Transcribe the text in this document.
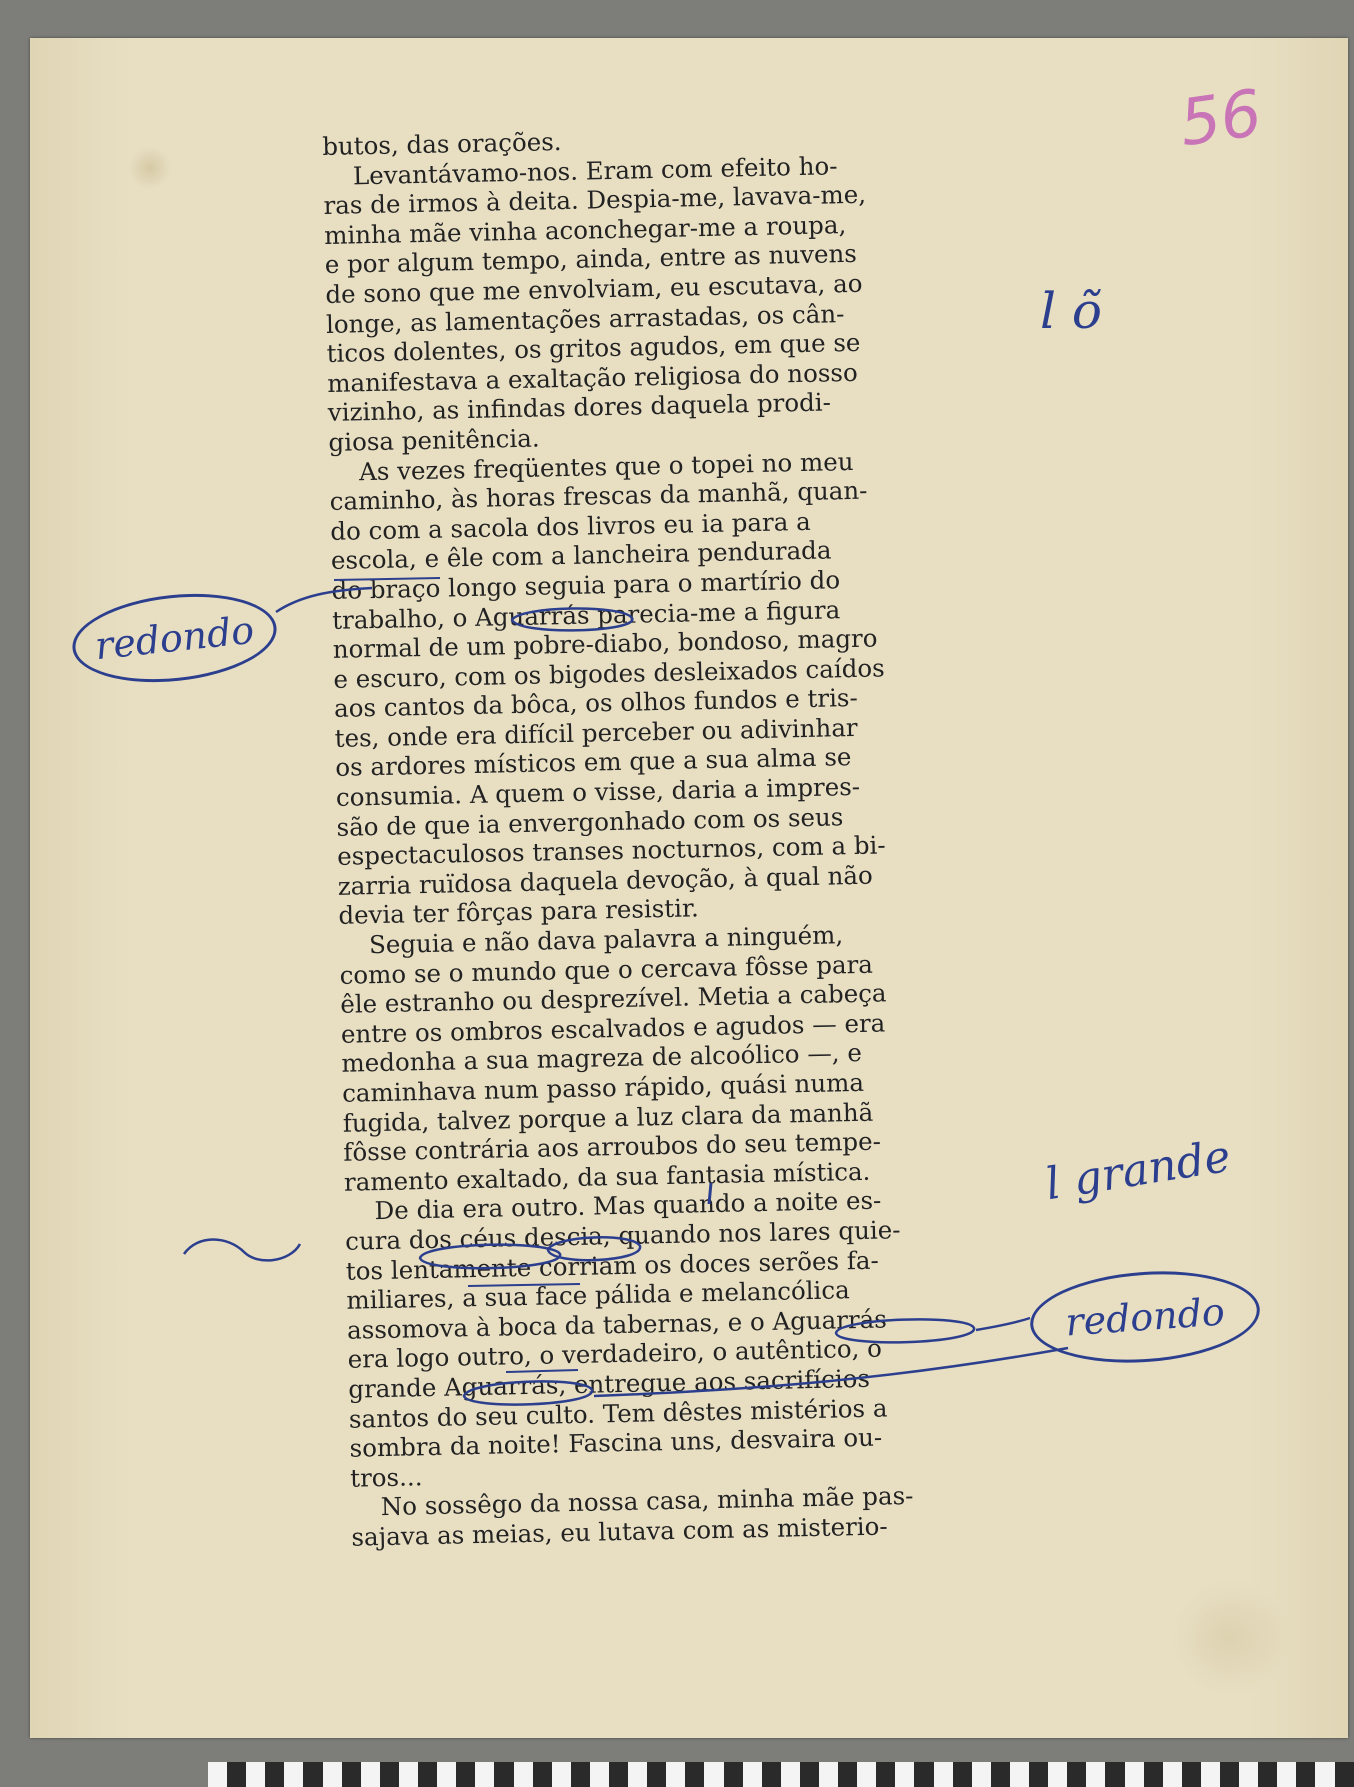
56
butos, das orações.
Levantávamo-nos. Eram com efeito ho-
ras de irmos à deita. Despia-me, lavava-me,
minha mãe vinha aconchegar-me a roupa,
e por algum tempo, ainda, entre as nuvens
de sono que me envolviam, eu escutava, ao
longe, as lamentações arrastadas, os cân-
ticos dolentes, os gritos agudos, em que se
manifestava a exaltação religiosa do nosso
vizinho, as infindas dores daquela prodi-
giosa penitência.
As vezes freqüentes que o topei no meu
caminho, às horas frescas da manhã, quan-
do com a sacola dos livros eu ia para a
escola, e êle com a lancheira pendurada
do braço longo seguia para o martírio do
trabalho, o Aguarrás parecia-me a figura
normal de um pobre-diabo, bondoso, magro
e escuro, com os bigodes desleixados caídos
aos cantos da bôca, os olhos fundos e tris-
tes, onde era difícil perceber ou adivinhar
os ardores místicos em que a sua alma se
consumia. A quem o visse, daria a impres-
são de que ia envergonhado com os seus
espectaculosos transes nocturnos, com a bi-
zarria ruïdosa daquela devoção, à qual não
devia ter fôrças para resistir.
Seguia e não dava palavra a ninguém,
como se o mundo que o cercava fôsse para
êle estranho ou desprezível. Metia a cabeça
entre os ombros escalvados e agudos — era
medonha a sua magreza de alcoólico —, e
caminhava num passo rápido, quási numa
fugida, talvez porque a luz clara da manhã
fôsse contrária aos arroubos do seu tempe-
ramento exaltado, da sua fantasia mística.
De dia era outro. Mas quando a noite es-
cura dos céus descia, quando nos lares quie-
tos lentamente corriam os doces serões fa-
miliares, a sua face pálida e melancólica
assomova à boca da tabernas, e o Aguarrás
era logo outro, o verdadeiro, o autêntico, o
grande Aguarrás, entregue aos sacrifícios
santos do seu culto. Tem dêstes mistérios a
sombra da noite! Fascina uns, desvaira ou-
tros...
No sossêgo da nossa casa, minha mãe pas-
sajava as meias, eu lutava com as misterio-
l õ
redondo
l grande
redondo
